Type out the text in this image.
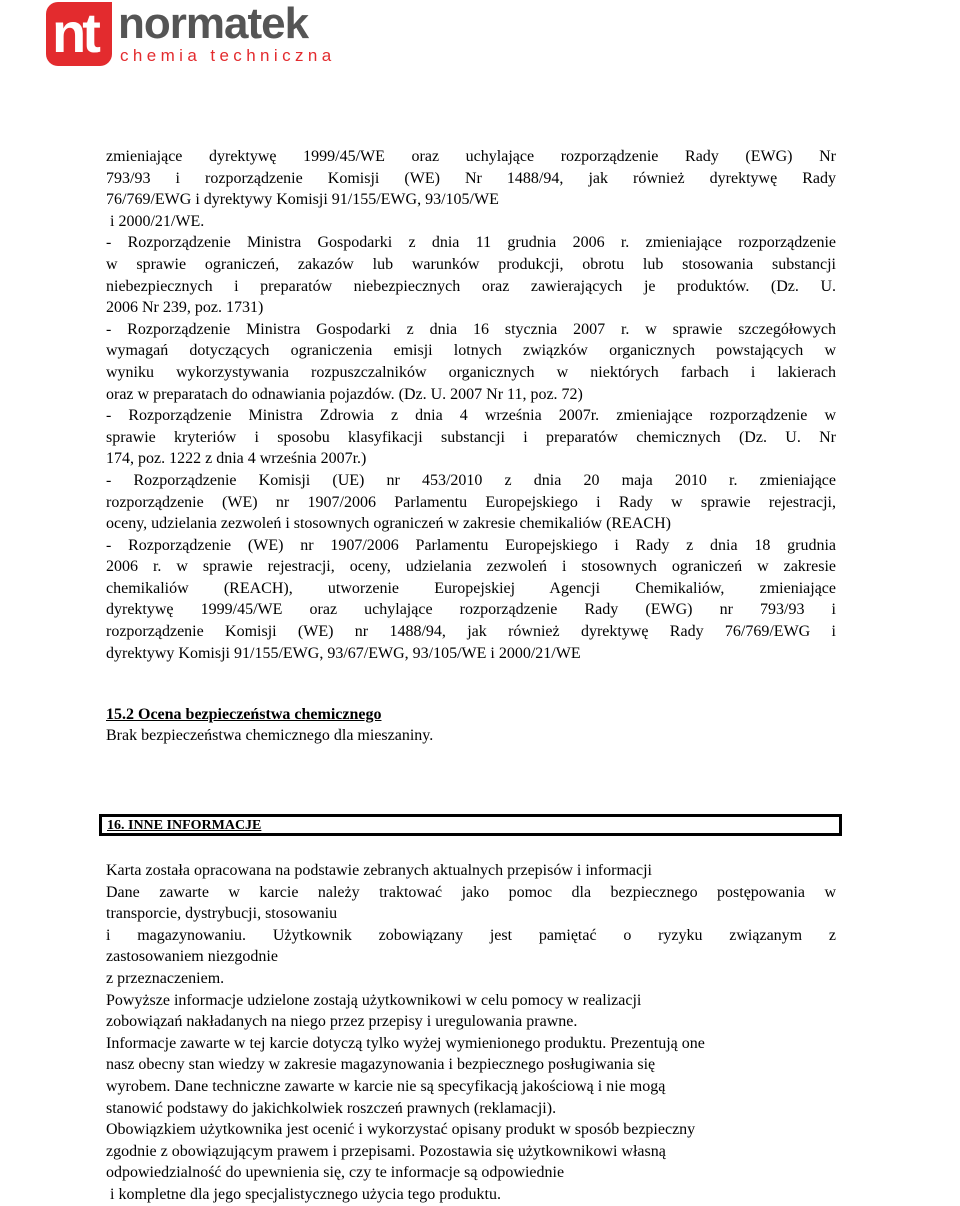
nt normatek
chemia techniczna
zmieniające dyrektywę 1999/45/WE oraz uchylające rozporządzenie Rady (EWG) Nr
793/93 i rozporządzenie Komisji (WE) Nr 1488/94, jak również dyrektywę Rady
76/769/EWG i dyrektywy Komisji 91/155/EWG, 93/105/WE
i 2000/21/WE.
- Rozporządzenie Ministra Gospodarki z dnia 11 grudnia 2006 r. zmieniające rozporządzenie
w sprawie ograniczeń, zakazów lub warunków produkcji, obrotu lub stosowania substancji
niebezpiecznych i preparatów niebezpiecznych oraz zawierających je produktów. (Dz. U.
2006 Nr 239, poz. 1731)
- Rozporządzenie Ministra Gospodarki z dnia 16 stycznia 2007 r. w sprawie szczegółowych
wymagań dotyczących ograniczenia emisji lotnych związków organicznych powstających w
wyniku wykorzystywania rozpuszczalników organicznych w niektórych farbach i lakierach
oraz w preparatach do odnawiania pojazdów. (Dz. U. 2007 Nr 11, poz. 72)
- Rozporządzenie Ministra Zdrowia z dnia 4 września 2007r. zmieniające rozporządzenie w
sprawie kryteriów i sposobu klasyfikacji substancji i preparatów chemicznych (Dz. U. Nr
174, poz. 1222 z dnia 4 września 2007r.)
- Rozporządzenie Komisji (UE) nr 453/2010 z dnia 20 maja 2010 r. zmieniające
rozporządzenie (WE) nr 1907/2006 Parlamentu Europejskiego i Rady w sprawie rejestracji,
oceny, udzielania zezwoleń i stosownych ograniczeń w zakresie chemikaliów (REACH)
- Rozporządzenie (WE) nr 1907/2006 Parlamentu Europejskiego i Rady z dnia 18 grudnia
2006 r. w sprawie rejestracji, oceny, udzielania zezwoleń i stosownych ograniczeń w zakresie
chemikaliów (REACH), utworzenie Europejskiej Agencji Chemikaliów, zmieniające
dyrektywę 1999/45/WE oraz uchylające rozporządzenie Rady (EWG) nr 793/93 i
rozporządzenie Komisji (WE) nr 1488/94, jak również dyrektywę Rady 76/769/EWG i
dyrektywy Komisji 91/155/EWG, 93/67/EWG, 93/105/WE i 2000/21/WE
15.2 Ocena bezpieczeństwa chemicznego
Brak bezpieczeństwa chemicznego dla mieszaniny.
16. INNE INFORMACJE
Karta została opracowana na podstawie zebranych aktualnych przepisów i informacji
Dane zawarte w karcie należy traktować jako pomoc dla bezpiecznego postępowania w
transporcie, dystrybucji, stosowaniu
i magazynowaniu. Użytkownik zobowiązany jest pamiętać o ryzyku związanym z
zastosowaniem niezgodnie
z przeznaczeniem.
Powyższe informacje udzielone zostają użytkownikowi w celu pomocy w realizacji
zobowiązań nakładanych na niego przez przepisy i uregulowania prawne.
Informacje zawarte w tej karcie dotyczą tylko wyżej wymienionego produktu. Prezentują one
nasz obecny stan wiedzy w zakresie magazynowania i bezpiecznego posługiwania się
wyrobem. Dane techniczne zawarte w karcie nie są specyfikacją jakościową i nie mogą
stanowić podstawy do jakichkolwiek roszczeń prawnych (reklamacji).
Obowiązkiem użytkownika jest ocenić i wykorzystać opisany produkt w sposób bezpieczny
zgodnie z obowiązującym prawem i przepisami. Pozostawia się użytkownikowi własną
odpowiedzialność do upewnienia się, czy te informacje są odpowiednie
i kompletne dla jego specjalistycznego użycia tego produktu.
